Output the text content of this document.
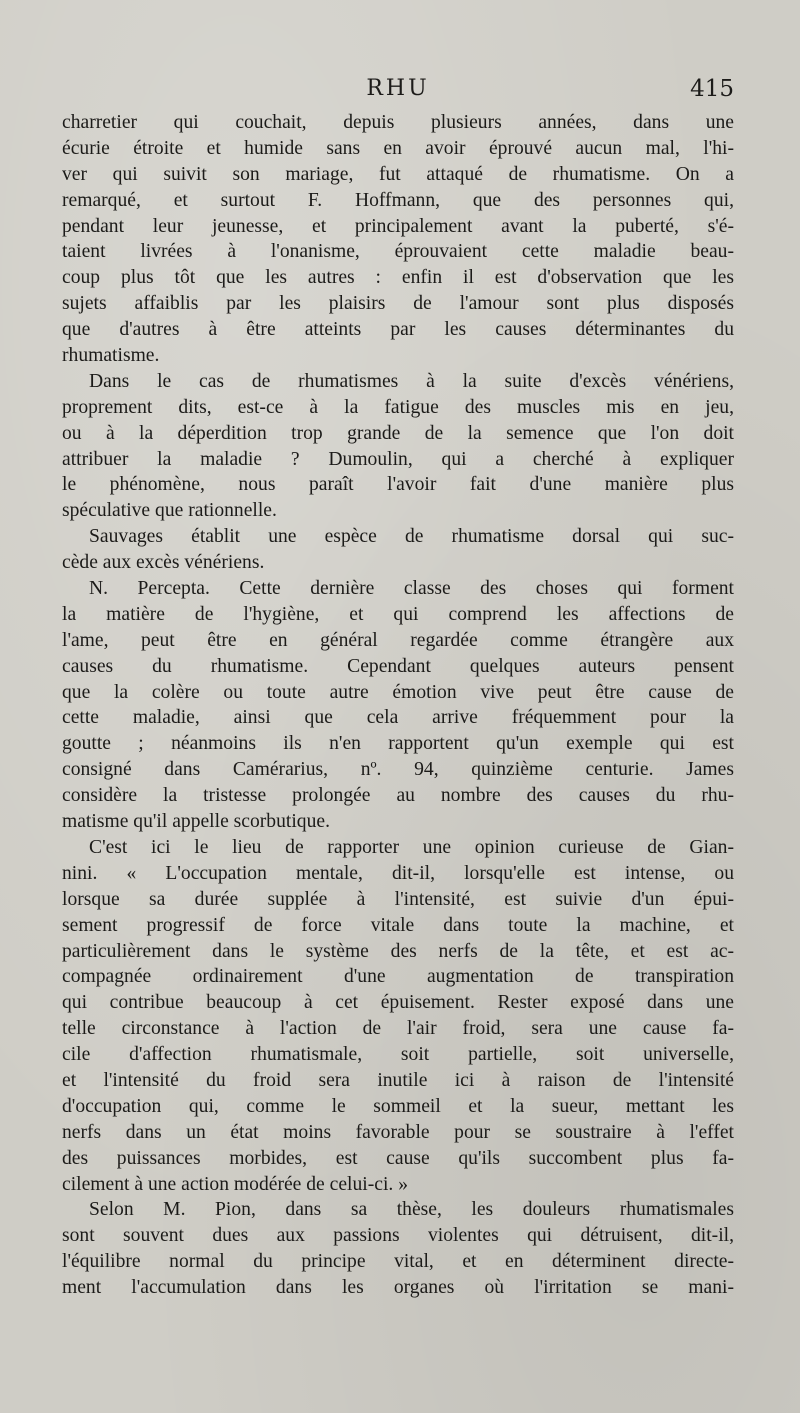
RHU	415
charretier qui couchait, depuis plusieurs années, dans une
écurie étroite et humide sans en avoir éprouvé aucun mal, l'hi-
ver qui suivit son mariage, fut attaqué de rhumatisme. On a
remarqué, et surtout F. Hoffmann, que des personnes qui,
pendant leur jeunesse, et principalement avant la puberté, s'é-
taient livrées à l'onanisme, éprouvaient cette maladie beau-
coup plus tôt que les autres : enfin il est d'observation que les
sujets affaiblis par les plaisirs de l'amour sont plus disposés
que d'autres à être atteints par les causes déterminantes du
rhumatisme.
Dans le cas de rhumatismes à la suite d'excès vénériens,
proprement dits, est-ce à la fatigue des muscles mis en jeu,
ou à la déperdition trop grande de la semence que l'on doit
attribuer la maladie ? Dumoulin, qui a cherché à expliquer
le phénomène, nous paraît l'avoir fait d'une manière plus
spéculative que rationnelle.
Sauvages établit une espèce de rhumatisme dorsal qui suc-
cède aux excès vénériens.
N. Percepta. Cette dernière classe des choses qui forment
la matière de l'hygiène, et qui comprend les affections de
l'ame, peut être en général regardée comme étrangère aux
causes du rhumatisme. Cependant quelques auteurs pensent
que la colère ou toute autre émotion vive peut être cause de
cette maladie, ainsi que cela arrive fréquemment pour la
goutte ; néanmoins ils n'en rapportent qu'un exemple qui est
consigné dans Camérarius, nº. 94, quinzième centurie. James
considère la tristesse prolongée au nombre des causes du rhu-
matisme qu'il appelle scorbutique.
C'est ici le lieu de rapporter une opinion curieuse de Gian-
nini. « L'occupation mentale, dit-il, lorsqu'elle est intense, ou
lorsque sa durée supplée à l'intensité, est suivie d'un épui-
sement progressif de force vitale dans toute la machine, et
particulièrement dans le système des nerfs de la tête, et est ac-
compagnée ordinairement d'une augmentation de transpiration
qui contribue beaucoup à cet épuisement. Rester exposé dans une
telle circonstance à l'action de l'air froid, sera une cause fa-
cile d'affection rhumatismale, soit partielle, soit universelle,
et l'intensité du froid sera inutile ici à raison de l'intensité
d'occupation qui, comme le sommeil et la sueur, mettant les
nerfs dans un état moins favorable pour se soustraire à l'effet
des puissances morbides, est cause qu'ils succombent plus fa-
cilement à une action modérée de celui-ci. »
Selon M. Pion, dans sa thèse, les douleurs rhumatismales
sont souvent dues aux passions violentes qui détruisent, dit-il,
l'équilibre normal du principe vital, et en déterminent directe-
ment l'accumulation dans les organes où l'irritation se mani-
